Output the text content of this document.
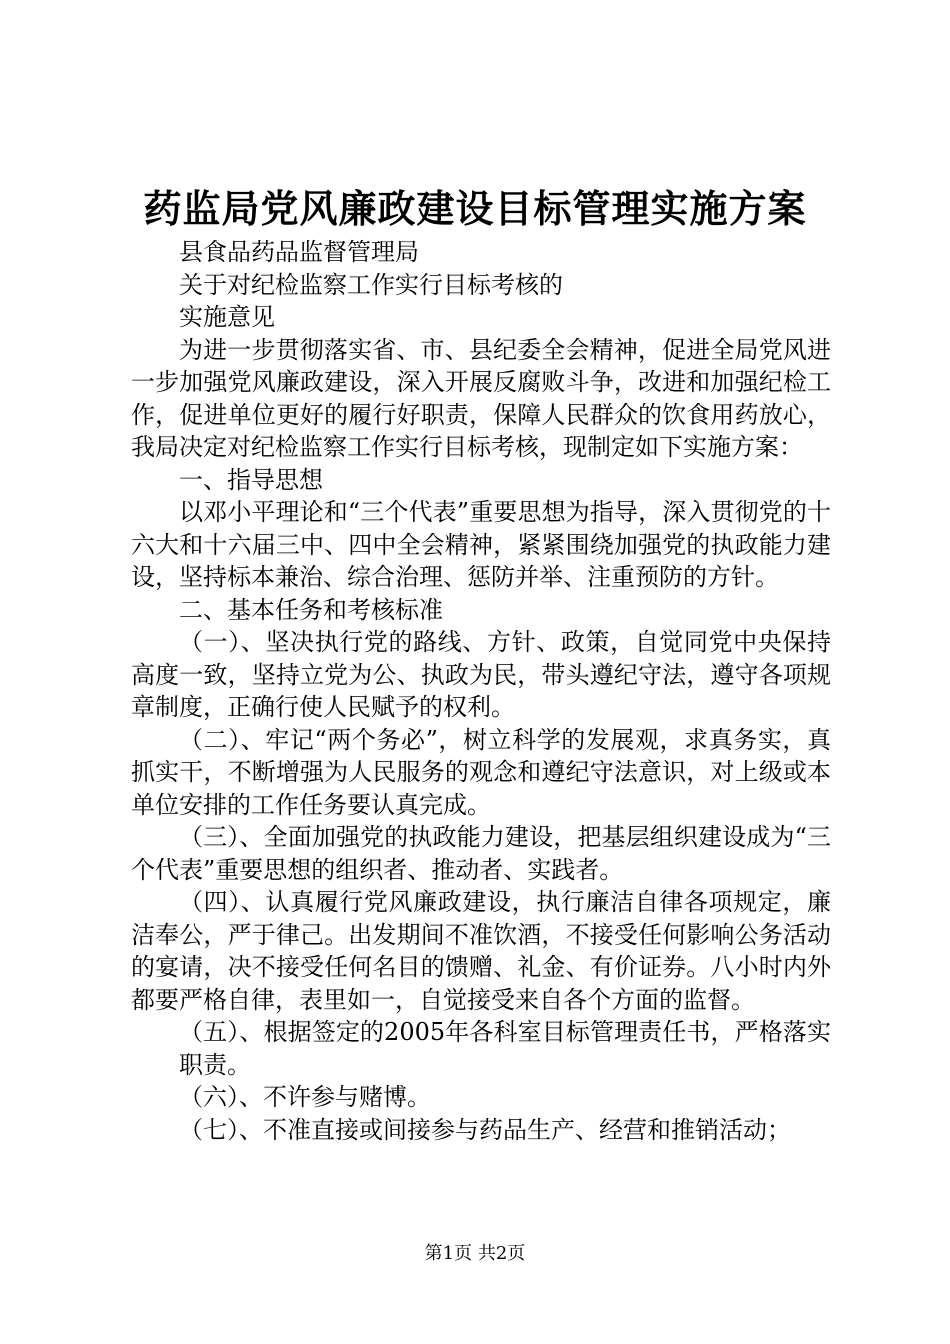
药监局党风廉政建设目标管理实施方案

县食品药品监督管理局

关于对纪检监察工作实行目标考核的

实施意见

为进一步贯彻落实省、市、县纪委全会精神，促进全局党风进一步加强党风廉政建设，深入开展反腐败斗争，改进和加强纪检工作，促进单位更好的履行好职责，保障人民群众的饮食用药放心，我局决定对纪检监察工作实行目标考核，现制定如下实施方案：

一、指导思想

以邓小平理论和“三个代表”重要思想为指导，深入贯彻党的十六大和十六届三中、四中全会精神，紧紧围绕加强党的执政能力建设，坚持标本兼治、综合治理、惩防并举、注重预防的方针。

二、基本任务和考核标准

（一）、坚决执行党的路线、方针、政策，自觉同党中央保持高度一致，坚持立党为公、执政为民，带头遵纪守法，遵守各项规章制度，正确行使人民赋予的权利。

（二）、牢记“两个务必”，树立科学的发展观，求真务实，真抓实干，不断增强为人民服务的观念和遵纪守法意识，对上级或本单位安排的工作任务要认真完成。

（三）、全面加强党的执政能力建设，把基层组织建设成为“三个代表”重要思想的组织者、推动者、实践者。

（四）、认真履行党风廉政建设，执行廉洁自律各项规定，廉洁奉公，严于律己。出发期间不准饮酒，不接受任何影响公务活动的宴请，决不接受任何名目的馈赠、礼金、有价证券。八小时内外都要严格自律，表里如一，自觉接受来自各个方面的监督。

（五）、根据签定的2005年各科室目标管理责任书，严格落实职责。

（六）、不许参与赌博。

（七）、不准直接或间接参与药品生产、经营和推销活动；

第1页 共2页
